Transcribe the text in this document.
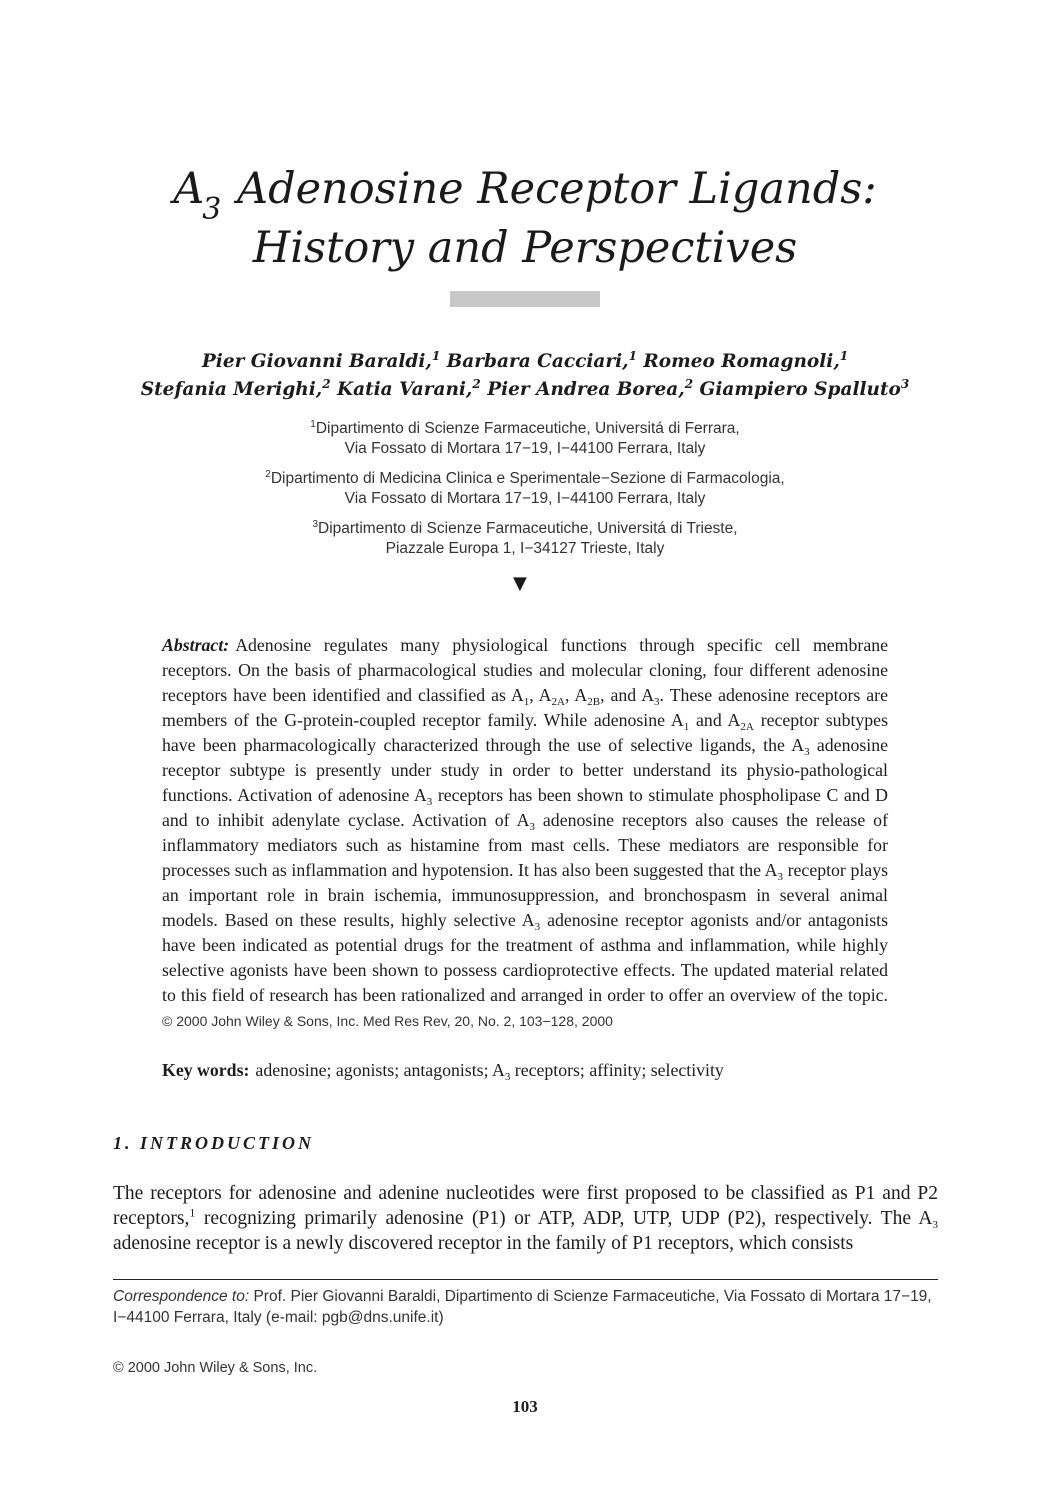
$A_3$ Adenosine Receptor Ligands:
History and Perspectives
Pier Giovanni Baraldi,$^1$ Barbara Cacciari,$^1$ Romeo Romagnoli,$^1$
Stefania Merighi,$^2$ Katia Varani,$^2$ Pier Andrea Borea,$^2$ Giampiero Spalluto$^3$
$^1$Dipartimento di Scienze Farmaceutiche, Universitá di Ferrara,
Via Fossato di Mortara 17−19, I−44100 Ferrara, Italy
$^2$Dipartimento di Medicina Clinica e Sperimentale−Sezione di Farmacologia,
Via Fossato di Mortara 17−19, I−44100 Ferrara, Italy
$^3$Dipartimento di Scienze Farmaceutiche, Universitá di Trieste,
Piazzale Europa 1, I−34127 Trieste, Italy
▼
Abstract: Adenosine regulates many physiological functions through specific cell membrane receptors. On the basis of pharmacological studies and molecular cloning, four different adenosine receptors have been identified and classified as $A_1$, $A_{2A}$, $A_{2B}$, and $A_3$. These adenosine receptors are members of the G-protein-coupled receptor family. While adenosine $A_1$ and $A_{2A}$ receptor subtypes have been pharmacologically characterized through the use of selective ligands, the $A_3$ adenosine receptor subtype is presently under study in order to better understand its physio-pathological functions. Activation of adenosine $A_3$ receptors has been shown to stimulate phospholipase C and D and to inhibit adenylate cyclase. Activation of $A_3$ adenosine receptors also causes the release of inflammatory mediators such as histamine from mast cells. These mediators are responsible for processes such as inflammation and hypotension. It has also been suggested that the $A_3$ receptor plays an important role in brain ischemia, immunosuppression, and bronchospasm in several animal models. Based on these results, highly selective $A_3$ adenosine receptor agonists and/or antagonists have been indicated as potential drugs for the treatment of asthma and inflammation, while highly selective agonists have been shown to possess cardioprotective effects. The updated material related to this field of research has been rationalized and arranged in order to offer an overview of the topic. © 2000 John Wiley & Sons, Inc. Med Res Rev, 20, No. 2, 103−128, 2000
Key words: adenosine; agonists; antagonists; $A_3$ receptors; affinity; selectivity
1. INTRODUCTION
The receptors for adenosine and adenine nucleotides were first proposed to be classified as P1 and P2 receptors,$^1$ recognizing primarily adenosine (P1) or ATP, ADP, UTP, UDP (P2), respectively. The $A_3$ adenosine receptor is a newly discovered receptor in the family of P1 receptors, which consists
Correspondence to: Prof. Pier Giovanni Baraldi, Dipartimento di Scienze Farmaceutiche, Via Fossato di Mortara 17−19, I−44100 Ferrara, Italy (e-mail: pgb@dns.unife.it)
© 2000 John Wiley & Sons, Inc.
103
